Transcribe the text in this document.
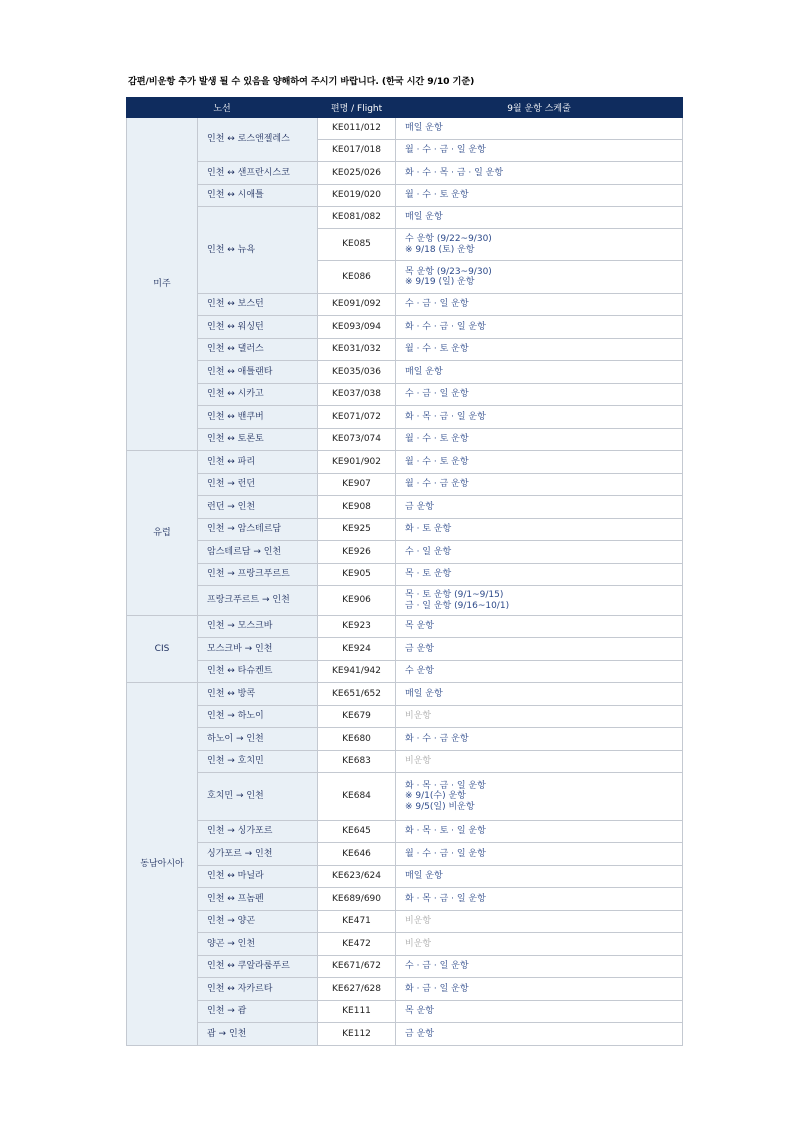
감편/비운항 추가 발생 될 수 있음을 양해하여 주시기 바랍니다. (한국 시간 9/10 기준)
노선		편명 / Flight	9월 운항 스케줄
미주	인천 ↔ 로스앤젤레스	KE011/012	매일 운항

		KE017/018	월 · 수 · 금 · 일 운항

	인천 ↔ 샌프란시스코	KE025/026	화 · 수 · 목 · 금 · 일 운항

	인천 ↔ 시애틀	KE019/020	월 · 수 · 토 운항

	인천 ↔ 뉴욕	KE081/082	매일 운항

		KE085	수 운항 (9/22~9/30)
※ 9/18 (토) 운항

		KE086	목 운항 (9/23~9/30)
※ 9/19 (일) 운항

	인천 ↔ 보스턴	KE091/092	수 · 금 · 일 운항

	인천 ↔ 워싱턴	KE093/094	화 · 수 · 금 · 일 운항

	인천 ↔ 댈러스	KE031/032	월 · 수 · 토 운항

	인천 ↔ 애틀랜타	KE035/036	매일 운항

	인천 ↔ 시카고	KE037/038	수 · 금 · 일 운항

	인천 ↔ 밴쿠버	KE071/072	화 · 목 · 금 · 일 운항

	인천 ↔ 토론토	KE073/074	월 · 수 · 토 운항

유럽	인천 ↔ 파리	KE901/902	월 · 수 · 토 운항

	인천 → 런던	KE907	월 · 수 · 금 운항

	런던 → 인천	KE908	금 운항

	인천 → 암스테르담	KE925	화 · 토 운항

	암스테르담 → 인천	KE926	수 · 일 운항

	인천 → 프랑크푸르트	KE905	목 · 토 운항

	프랑크푸르트 → 인천	KE906	목 · 토 운항 (9/1~9/15)
금 · 일 운항 (9/16~10/1)

CIS	인천 → 모스크바	KE923	목 운항

	모스크바 → 인천	KE924	금 운항

	인천 ↔ 타슈켄트	KE941/942	수 운항

동남아시아	인천 ↔ 방콕	KE651/652	매일 운항

	인천 → 하노이	KE679	비운항

	하노이 → 인천	KE680	화 · 수 · 금 운항

	인천 → 호치민	KE683	비운항

	호치민 → 인천	KE684	화 · 목 · 금 · 일 운항
※ 9/1(수) 운항
※ 9/5(일) 비운항

	인천 → 싱가포르	KE645	화 · 목 · 토 · 일 운항

	싱가포르 → 인천	KE646	월 · 수 · 금 · 일 운항

	인천 ↔ 마닐라	KE623/624	매일 운항

	인천 ↔ 프놈펜	KE689/690	화 · 목 · 금 · 일 운항

	인천 → 양곤	KE471	비운항

	양곤 → 인천	KE472	비운항

	인천 ↔ 쿠알라룸푸르	KE671/672	수 · 금 · 일 운항

	인천 ↔ 자카르타	KE627/628	화 · 금 · 일 운항

	인천 → 괌	KE111	목 운항

	괌 → 인천	KE112	금 운항
